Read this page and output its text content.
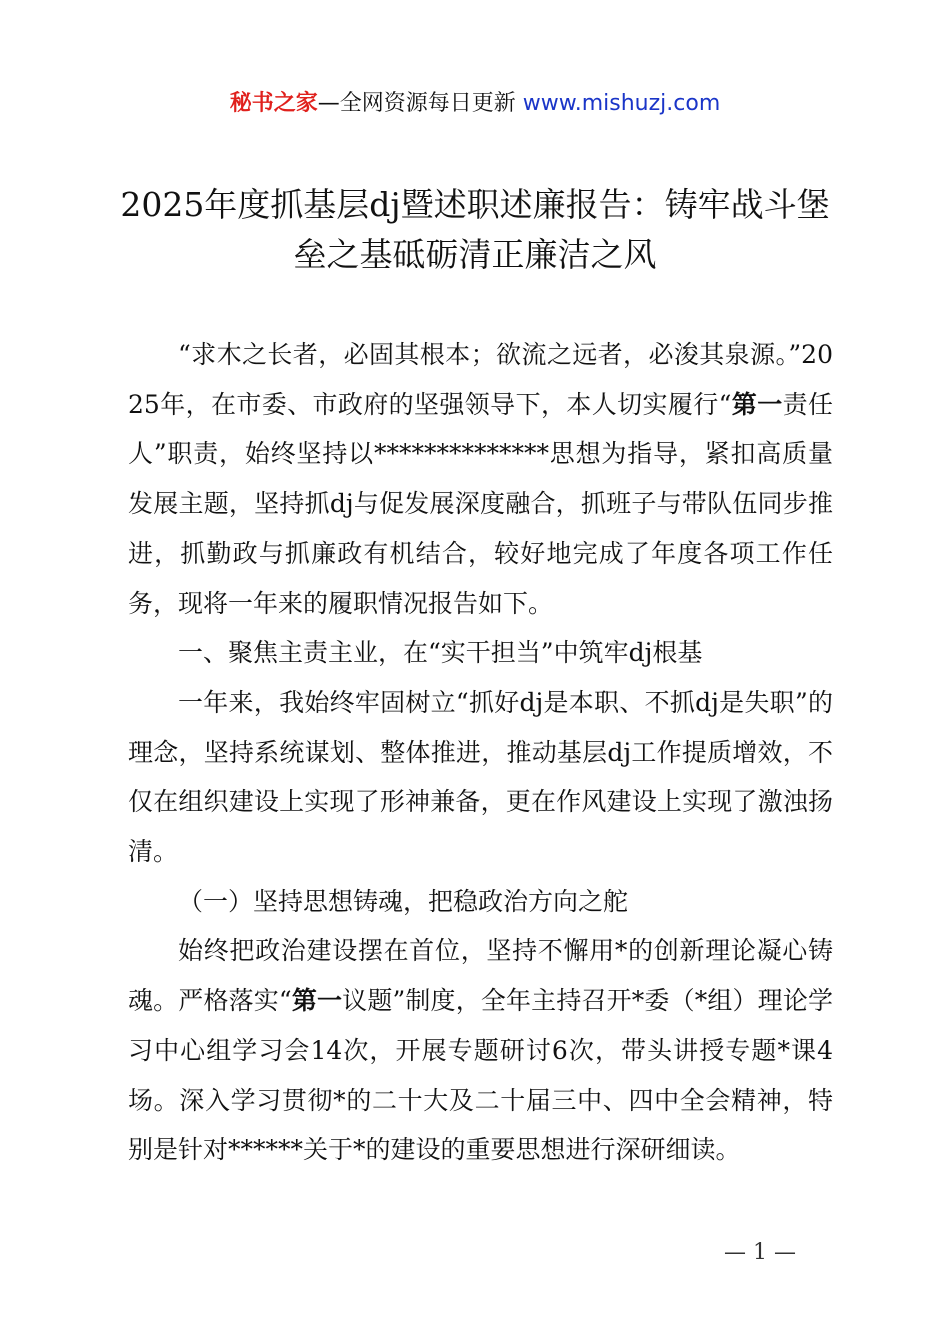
秘书之家—全网资源每日更新 www.mishuzj.com
2025年度抓基层dj暨述职述廉报告：铸牢战斗堡垒之基砥砺清正廉洁之风

“求木之长者，必固其根本；欲流之远者，必浚其泉源。”2025年，在市委、市政府的坚强领导下，本人切实履行“第一责任人”职责，始终坚持以**************思想为指导，紧扣高质量发展主题，坚持抓dj与促发展深度融合，抓班子与带队伍同步推进，抓勤政与抓廉政有机结合，较好地完成了年度各项工作任务，现将一年来的履职情况报告如下。

一、聚焦主责主业，在“实干担当”中筑牢dj根基

一年来，我始终牢固树立“抓好dj是本职、不抓dj是失职”的理念，坚持系统谋划、整体推进，推动基层dj工作提质增效，不仅在组织建设上实现了形神兼备，更在作风建设上实现了激浊扬清。

（一）坚持思想铸魂，把稳政治方向之舵

始终把政治建设摆在首位，坚持不懈用*的创新理论凝心铸魂。严格落实“第一议题”制度，全年主持召开*委（*组）理论学习中心组学习会14次，开展专题研讨6次，带头讲授专题*课4场。深入学习贯彻*的二十大及二十届三中、四中全会精神，特别是针对******关于*的建设的重要思想进行深研细读。

— 1 —
